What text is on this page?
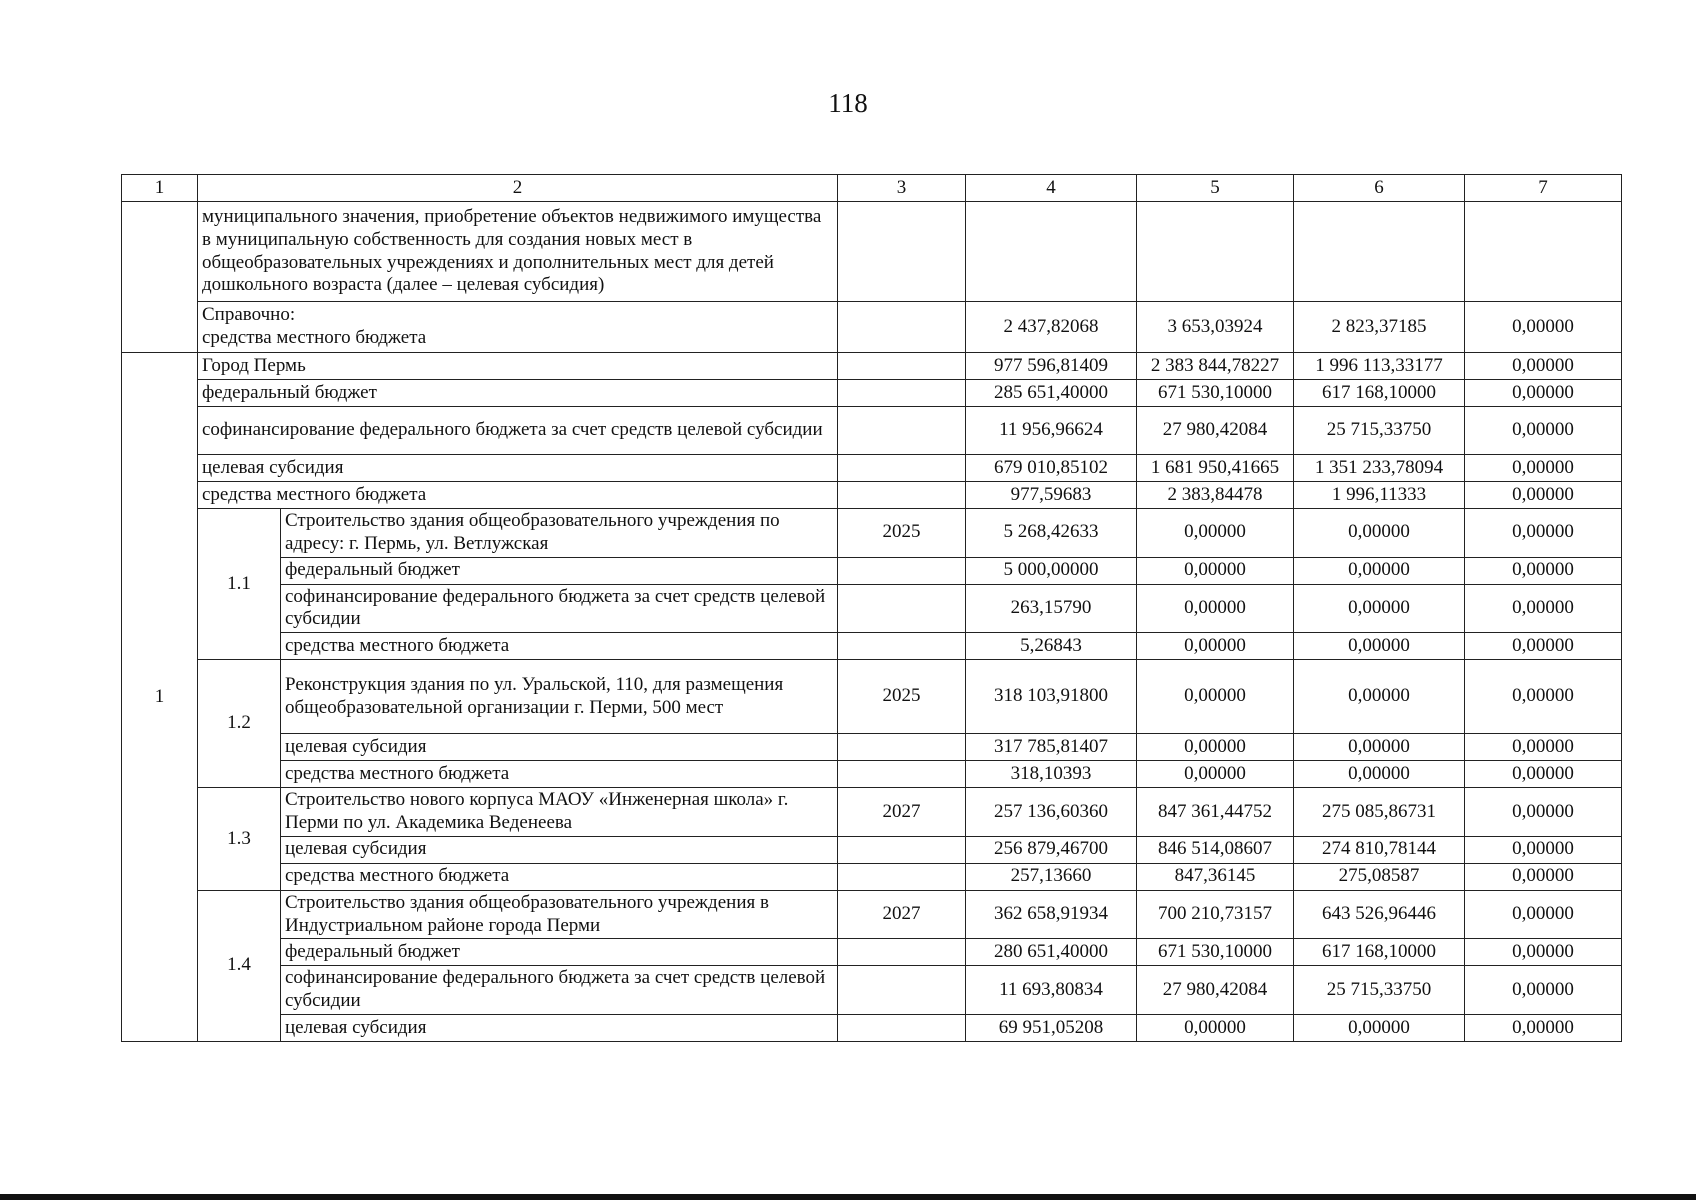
118
1	2		3	4	5	6	7
	муниципального значения, приобретение объектов недвижимого имущества в муниципальную собственность для создания новых мест в общеобразовательных учреждениях и дополнительных мест для детей дошкольного возраста (далее – целевая субсидия)						

	Справочно:
средства местного бюджета			2 437,82068	3 653,03924	2 823,37185	0,00000
1	Город Пермь			977 596,81409	2 383 844,78227	1 996 113,33177	0,00000
	федеральный бюджет			285 651,40000	671 530,10000	617 168,10000	0,00000
	софинансирование федерального бюджета за счет средств целевой субсидии			11 956,96624	27 980,42084	25 715,33750	0,00000
	целевая субсидия			679 010,85102	1 681 950,41665	1 351 233,78094	0,00000
	средства местного бюджета			977,59683	2 383,84478	1 996,11333	0,00000
	1.1	Строительство здания общеобразовательного учреждения по адресу: г. Пермь, ул. Ветлужская	2025	5 268,42633	0,00000	0,00000	0,00000
		федеральный бюджет		5 000,00000	0,00000	0,00000	0,00000
		софинансирование федерального бюджета за счет средств целевой субсидии		263,15790	0,00000	0,00000	0,00000
		средства местного бюджета		5,26843	0,00000	0,00000	0,00000
	1.2	Реконструкция здания по ул. Уральской, 110, для размещения общеобразовательной организации г. Перми, 500 мест	2025	318 103,91800	0,00000	0,00000	0,00000
		целевая субсидия		317 785,81407	0,00000	0,00000	0,00000
		средства местного бюджета		318,10393	0,00000	0,00000	0,00000
	1.3	Строительство нового корпуса МАОУ «Инженерная школа» г. Перми по ул. Академика Веденеева	2027	257 136,60360	847 361,44752	275 085,86731	0,00000
		целевая субсидия		256 879,46700	846 514,08607	274 810,78144	0,00000
		средства местного бюджета		257,13660	847,36145	275,08587	0,00000
	1.4	Строительство здания общеобразовательного учреждения в Индустриальном районе города Перми	2027	362 658,91934	700 210,73157	643 526,96446	0,00000
		федеральный бюджет		280 651,40000	671 530,10000	617 168,10000	0,00000
		софинансирование федерального бюджета за счет средств целевой субсидии		11 693,80834	27 980,42084	25 715,33750	0,00000
		целевая субсидия		69 951,05208	0,00000	0,00000	0,00000
